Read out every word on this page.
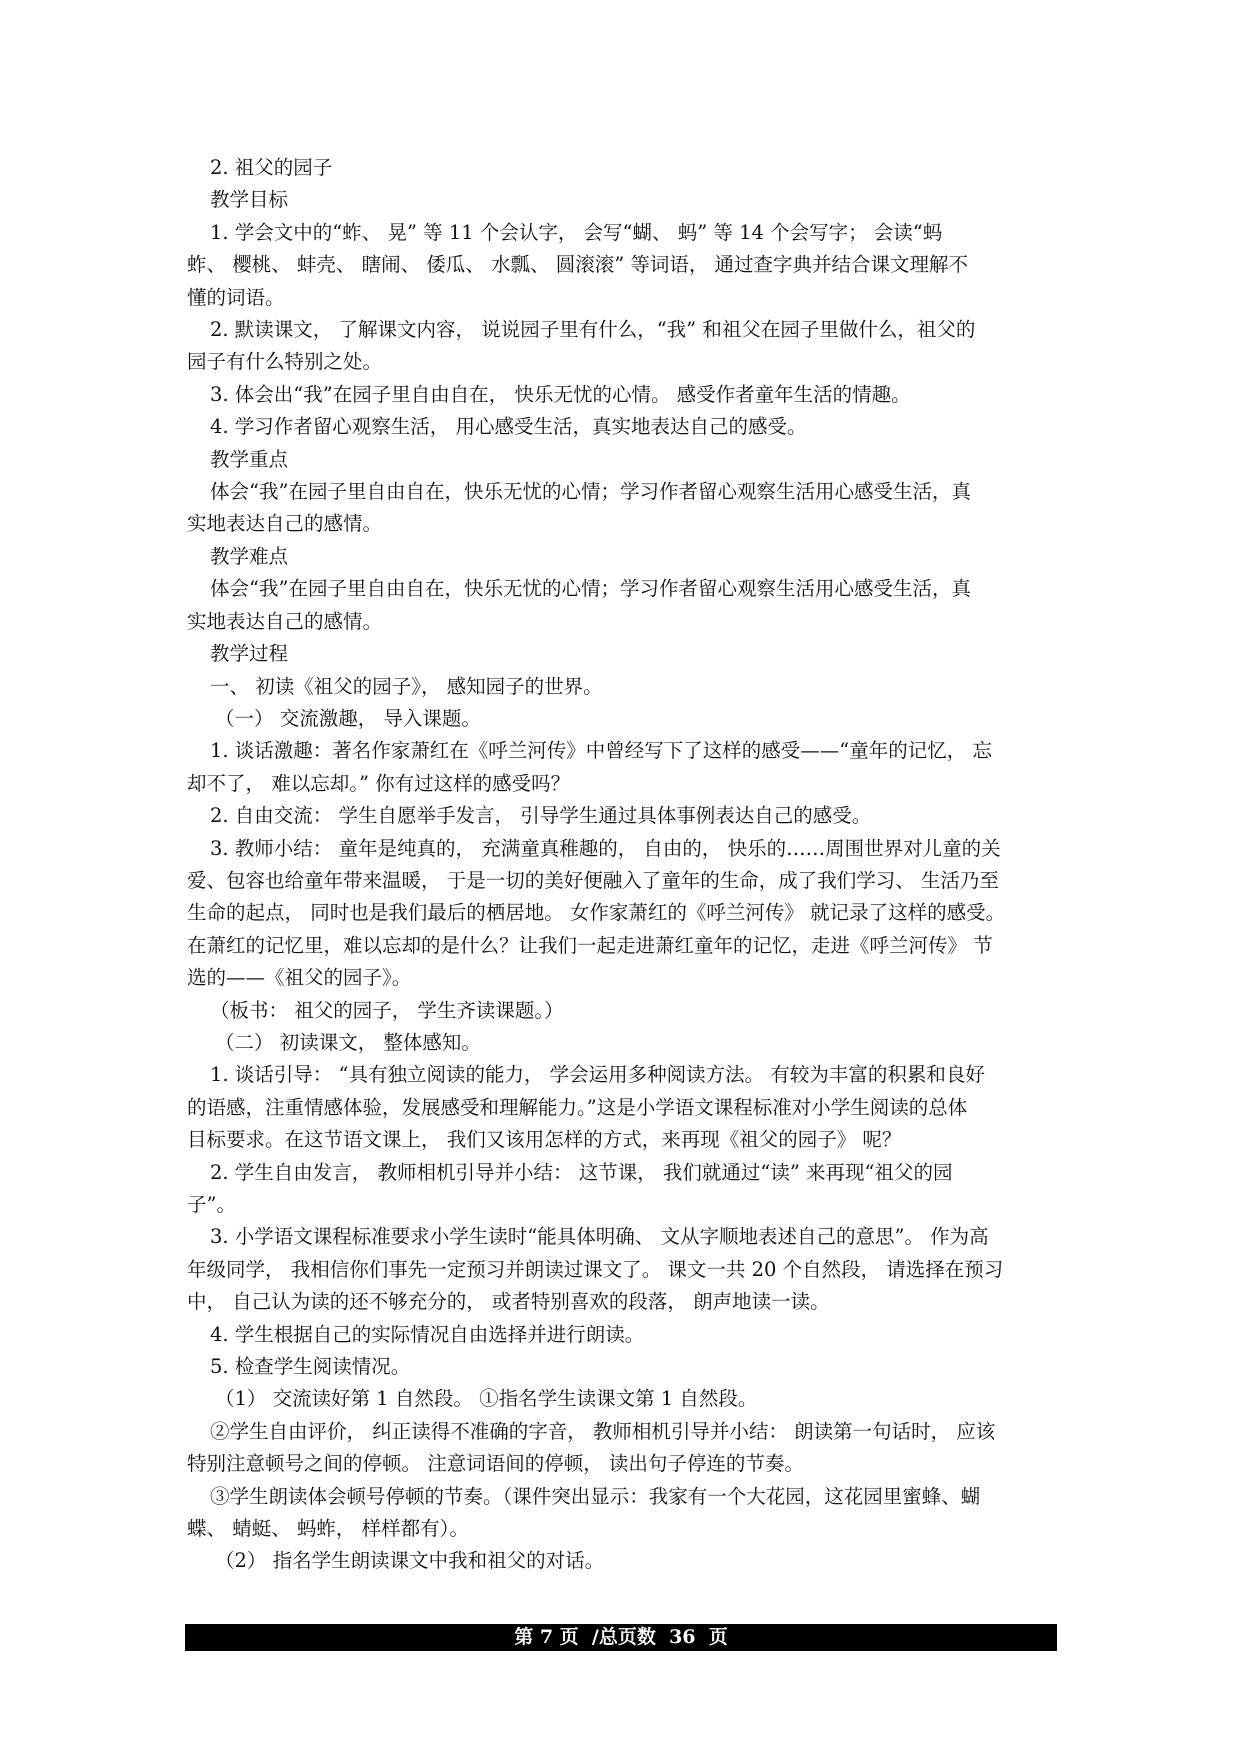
2. 祖父的园子
教学目标
1. 学会文中的“蚱、 晃” 等 11 个会认字， 会写“蝴、 蚂” 等 14 个会写字； 会读“蚂
蚱、 樱桃、 蚌壳、 瞎闹、 倭瓜、 水瓢、 圆滚滚” 等词语， 通过查字典并结合课文理解不
懂的词语。
2. 默读课文， 了解课文内容， 说说园子里有什么，“我” 和祖父在园子里做什么，祖父的
园子有什么特别之处。
3. 体会出“我”在园子里自由自在， 快乐无忧的心情。 感受作者童年生活的情趣。
4. 学习作者留心观察生活， 用心感受生活，真实地表达自己的感受。
教学重点
体会“我”在园子里自由自在，快乐无忧的心情；学习作者留心观察生活用心感受生活，真
实地表达自己的感情。
教学难点
体会“我”在园子里自由自在，快乐无忧的心情；学习作者留心观察生活用心感受生活，真
实地表达自己的感情。
教学过程
一、 初读《祖父的园子》， 感知园子的世界。
（一） 交流激趣， 导入课题。
1. 谈话激趣：著名作家萧红在《呼兰河传》中曾经写下了这样的感受——“童年的记忆， 忘
却不了， 难以忘却。” 你有过这样的感受吗？
2. 自由交流： 学生自愿举手发言， 引导学生通过具体事例表达自己的感受。
3. 教师小结： 童年是纯真的， 充满童真稚趣的， 自由的， 快乐的……周围世界对儿童的关
爱、包容也给童年带来温暖， 于是一切的美好便融入了童年的生命，成了我们学习、 生活乃至
生命的起点， 同时也是我们最后的栖居地。 女作家萧红的《呼兰河传》 就记录了这样的感受。
在萧红的记忆里，难以忘却的是什么？让我们一起走进萧红童年的记忆，走进《呼兰河传》 节
选的——《祖父的园子》。
（板书： 祖父的园子， 学生齐读课题。）
（二） 初读课文， 整体感知。
1. 谈话引导： “具有独立阅读的能力， 学会运用多种阅读方法。 有较为丰富的积累和良好
的语感，注重情感体验，发展感受和理解能力。”这是小学语文课程标准对小学生阅读的总体
目标要求。在这节语文课上， 我们又该用怎样的方式，来再现《祖父的园子》 呢？
2. 学生自由发言， 教师相机引导并小结： 这节课， 我们就通过“读” 来再现“祖父的园
子”。
3. 小学语文课程标准要求小学生读时“能具体明确、 文从字顺地表述自己的意思”。 作为高
年级同学， 我相信你们事先一定预习并朗读过课文了。 课文一共 20 个自然段， 请选择在预习
中， 自己认为读的还不够充分的， 或者特别喜欢的段落， 朗声地读一读。
4. 学生根据自己的实际情况自由选择并进行朗读。
5. 检查学生阅读情况。
（1） 交流读好第 1 自然段。 ①指名学生读课文第 1 自然段。
②学生自由评价， 纠正读得不准确的字音， 教师相机引导并小结： 朗读第一句话时， 应该
特别注意顿号之间的停顿。 注意词语间的停顿， 读出句子停连的节奏。
③学生朗读体会顿号停顿的节奏。（课件突出显示：我家有一个大花园，这花园里蜜蜂、蝴
蝶、 蜻蜓、 蚂蚱， 样样都有）。
（2） 指名学生朗读课文中我和祖父的对话。
第 7 页  /总页数  36  页
